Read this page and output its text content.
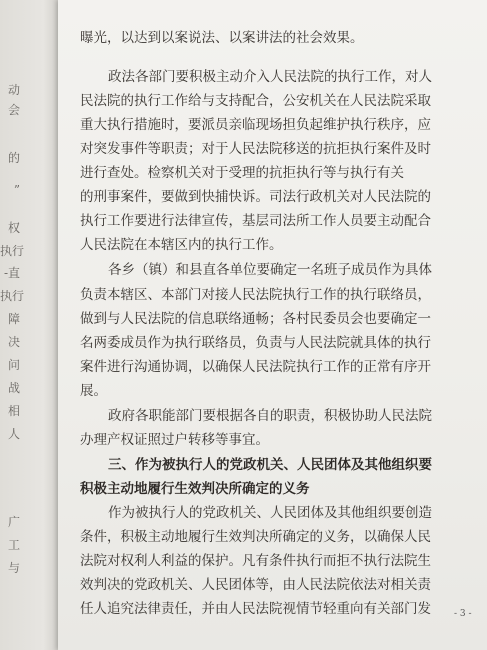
动
会
的
”
权
执行
-直
执行
障
决
问
战
相
人
广
工
与
曝光，以达到以案说法、以案讲法的社会效果。
政法各部门要积极主动介入人民法院的执行工作，对人
民法院的执行工作给与支持配合，公安机关在人民法院采取
重大执行措施时，要派员亲临现场担负起维护执行秩序，应
对突发事件等职责；对于人民法院移送的抗拒执行案件及时
进行查处。检察机关对于受理的抗拒执行等与执行有关
的刑事案件，要做到快捕快诉。司法行政机关对人民法院的
执行工作要进行法律宣传，基层司法所工作人员要主动配合
人民法院在本辖区内的执行工作。
各乡（镇）和县直各单位要确定一名班子成员作为具体
负责本辖区、本部门对接人民法院执行工作的执行联络员，
做到与人民法院的信息联络通畅；各村民委员会也要确定一
名两委成员作为执行联络员，负责与人民法院就具体的执行
案件进行沟通协调，以确保人民法院执行工作的正常有序开
展。
政府各职能部门要根据各自的职责，积极协助人民法院
办理产权证照过户转移等事宜。
三、作为被执行人的党政机关、人民团体及其他组织要
积极主动地履行生效判决所确定的义务
作为被执行人的党政机关、人民团体及其他组织要创造
条件，积极主动地履行生效判决所确定的义务，以确保人民
法院对权利人利益的保护。凡有条件执行而拒不执行法院生
效判决的党政机关、人民团体等，由人民法院依法对相关责
任人追究法律责任，并由人民法院视情节轻重向有关部门发	- 3 -
